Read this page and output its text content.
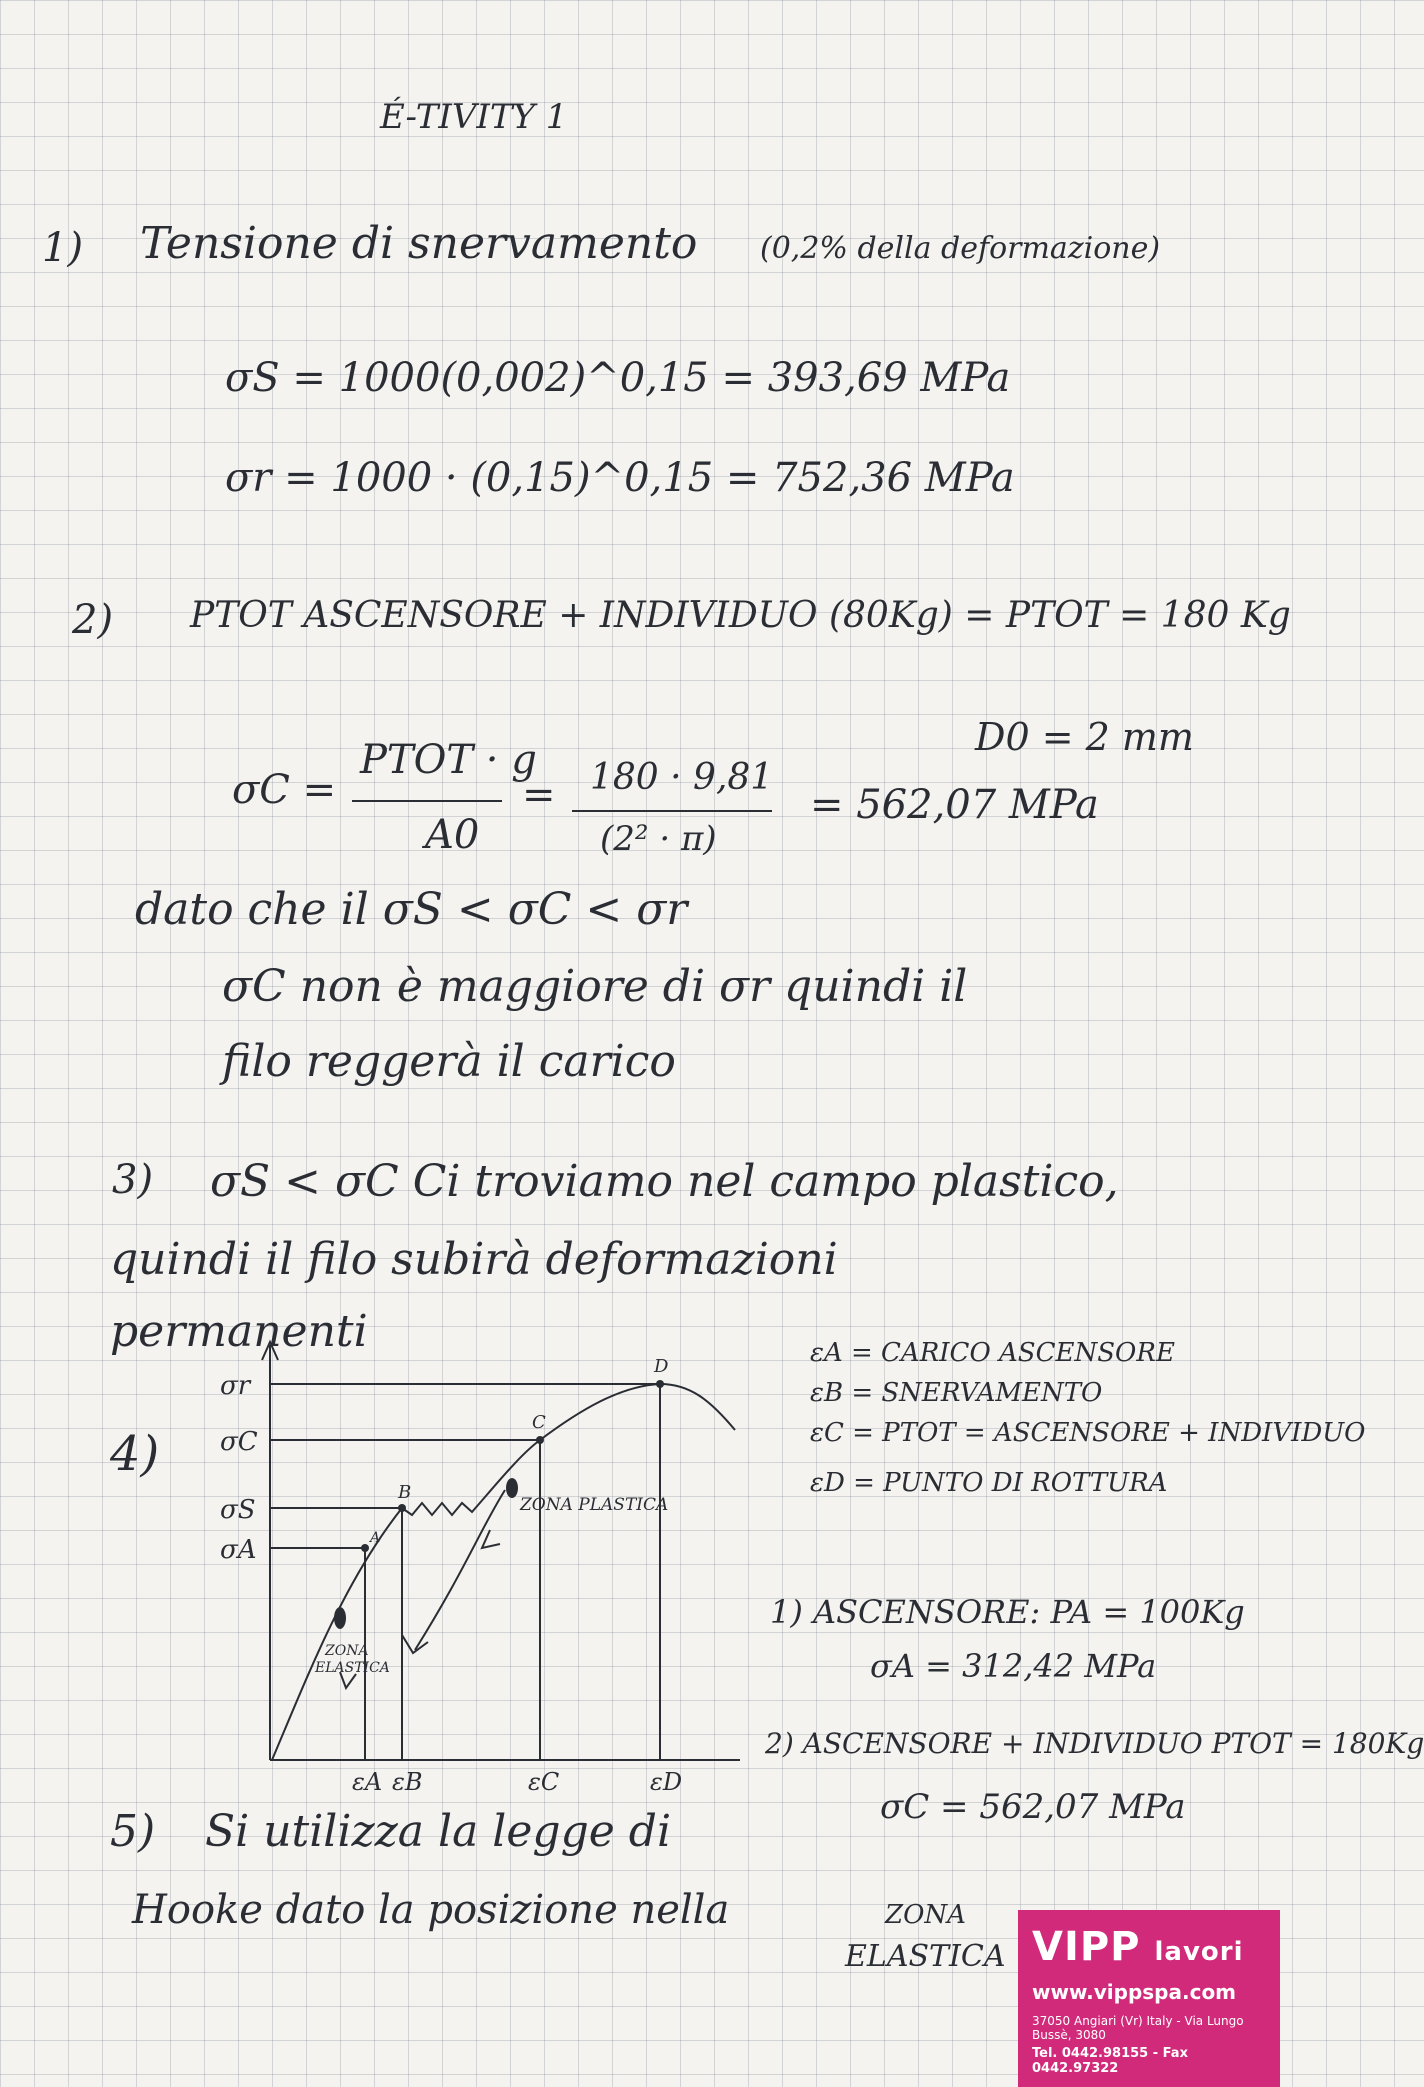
É-TIVITY 1
1) Tensione di snervamento (0,2% della deformazione)
σS = 1000(0,002)^0,15 = 393,69 MPa
σr = 1000 · (0,15)^0,15 = 752,36 MPa
2) PTOT ASCENSORE + INDIVIDUO (80Kg) = PTOT = 180 Kg
D0 = 2 mm
σC =
PTOT · g
A0
= 180 · 9,81
(2² · π)
= 562,07 MPa
dato che il σS < σC < σr
σC non è maggiore di σr quindi il
filo reggerà il carico
3) σS < σC Ci troviamo nel campo plastico,
quindi il filo subirà deformazioni
permanenti
4)
σr
σC
σS
σA
εA εB	εC	εD
A
B
C
D
ZONA PLASTICA
ZONA
ELASTICA
εA = CARICO ASCENSORE
εB = SNERVAMENTO
εC = PTOT = ASCENSORE + INDIVIDUO
εD = PUNTO DI ROTTURA
1) ASCENSORE: PA = 100Kg
σA = 312,42 MPa
2) ASCENSORE + INDIVIDUO PTOT = 180Kg
σC = 562,07 MPa
5) Si utilizza la legge di
Hooke dato la posizione nella	ZONA
ELASTICA VIPP lavori
www.vippspa.com
37050 Angiari (Vr) Italy - Via Lungo Bussè, 3080
Tel. 0442.98155 - Fax 0442.97322
